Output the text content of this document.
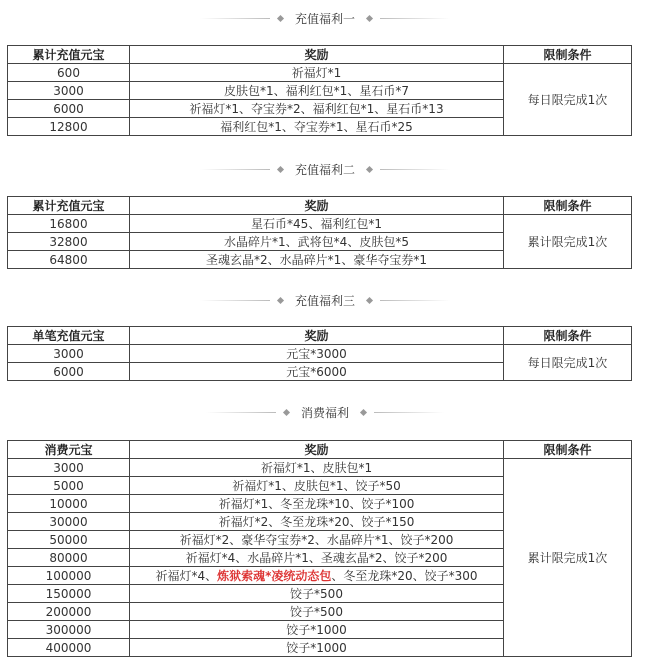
充值福利一
累计充值元宝	奖励	限制条件
600	祈福灯*1	每日限完成1次
3000	皮肤包*1、福利红包*1、星石币*7	
6000	祈福灯*1、夺宝券*2、福利红包*1、星石币*13	
12800	福利红包*1、夺宝券*1、星石币*25	
充值福利二
累计充值元宝	奖励	限制条件
16800	星石币*45、福利红包*1	累计限完成1次
32800	水晶碎片*1、武将包*4、皮肤包*5	
64800	圣魂玄晶*2、水晶碎片*1、豪华夺宝券*1	
充值福利三
单笔充值元宝	奖励	限制条件
3000	元宝*3000	每日限完成1次
6000	元宝*6000	
消费福利
消费元宝	奖励	限制条件
3000	祈福灯*1、皮肤包*1	累计限完成1次
5000	祈福灯*1、皮肤包*1、饺子*50	
10000	祈福灯*1、冬至龙珠*10、饺子*100	
30000	祈福灯*2、冬至龙珠*20、饺子*150	
50000	祈福灯*2、豪华夺宝券*2、水晶碎片*1、饺子*200	
80000	祈福灯*4、水晶碎片*1、圣魂玄晶*2、饺子*200	
100000	祈福灯*4、炼狱索魂*凌统动态包、冬至龙珠*20、饺子*300	
150000	饺子*500	
200000	饺子*500	
300000	饺子*1000	
400000	饺子*1000	
